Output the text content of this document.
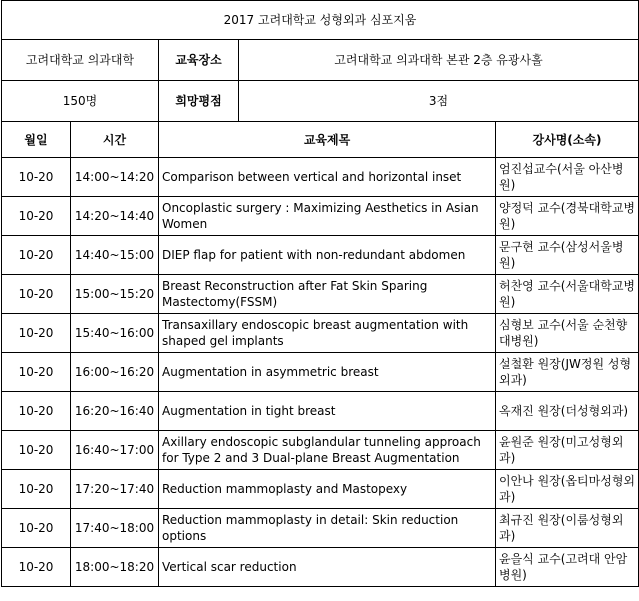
2017 고려대학교 성형외과 심포지움				
고려대학교 의과대학		교육장소	고려대학교 의과대학 본관 2층 유광사홀	
150명		희망평점	3점	
월일	시간	교육제목		강사명(소속)
10-20	14:00~14:20	Comparison between vertical and horizontal inset		엄진섭교수(서울 아산병원)
10-20	14:20~14:40	Oncoplastic surgery : Maximizing Aesthetics in Asian Women		양정덕 교수(경북대학교병원)
10-20	14:40~15:00	DIEP flap for patient with non-redundant abdomen		문구현 교수(삼성서울병원)
10-20	15:00~15:20	Breast Reconstruction after Fat Skin Sparing Mastectomy(FSSM)		허찬영 교수(서울대학교병원)
10-20	15:40~16:00	Transaxillary endoscopic breast augmentation with shaped gel implants		심형보 교수(서울 순천향대병원)
10-20	16:00~16:20	Augmentation in asymmetric breast		설철환 원장(JW정원 성형외과)
10-20	16:20~16:40	Augmentation in tight breast		옥재진 원장(더성형외과)
10-20	16:40~17:00	Axillary endoscopic subglandular tunneling approach for Type 2 and 3 Dual-plane Breast Augmentation		윤원준 원장(미고성형외과)
10-20	17:20~17:40	Reduction mammoplasty and Mastopexy		이안나 원장(옵티마성형외과)
10-20	17:40~18:00	Reduction mammoplasty in detail: Skin reduction options		최규진 원장(이룸성형외과)
10-20	18:00~18:20	Vertical scar reduction		윤을식 교수(고려대 안암병원)
